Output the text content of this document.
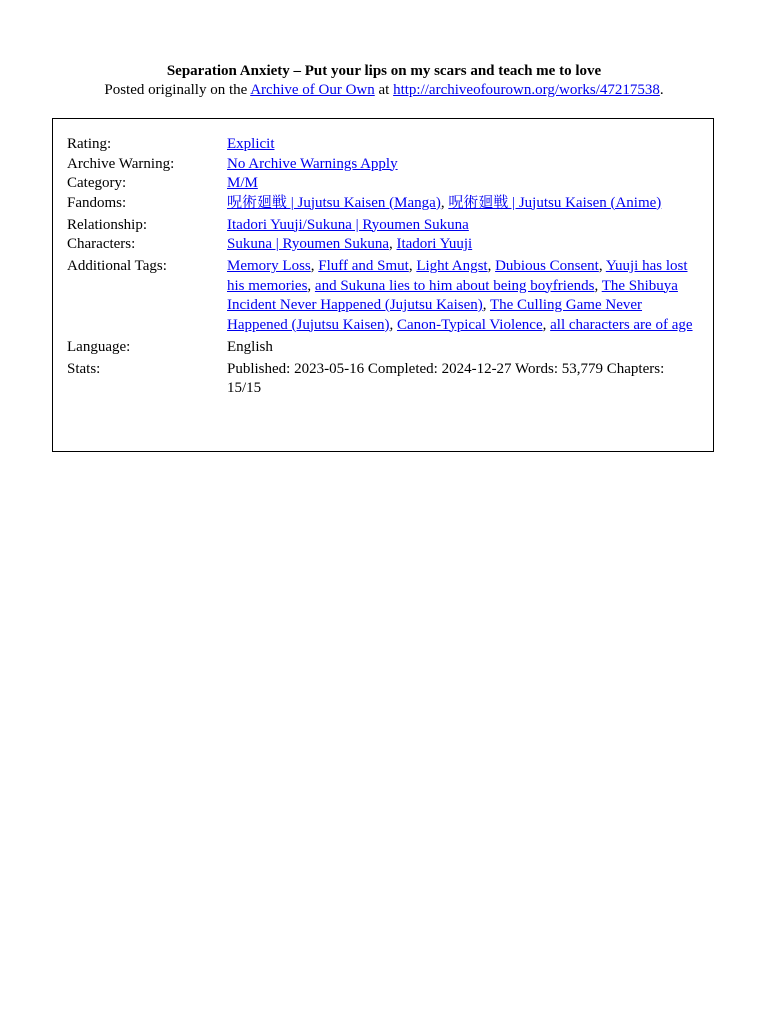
Separation Anxiety – Put your lips on my scars and teach me to love
Posted originally on the Archive of Our Own at http://archiveofourown.org/works/47217538.
Rating:	Explicit
Archive Warning:	No Archive Warnings Apply
Category:	M/M
Fandoms:	呪術廻戦 | Jujutsu Kaisen (Manga), 呪術廻戦 | Jujutsu Kaisen (Anime)
Relationship:	Itadori Yuuji/Sukuna | Ryoumen Sukuna
Characters:	Sukuna | Ryoumen Sukuna, Itadori Yuuji
Additional Tags:	Memory Loss, Fluff and Smut, Light Angst, Dubious Consent, Yuuji has lost his memories, and Sukuna lies to him about being boyfriends, The Shibuya Incident Never Happened (Jujutsu Kaisen), The Culling Game Never Happened (Jujutsu Kaisen), Canon-Typical Violence, all characters are of age
Language:	English
Stats:	Published: 2023-05-16 Completed: 2024-12-27 Words: 53,779 Chapters: 15/15
